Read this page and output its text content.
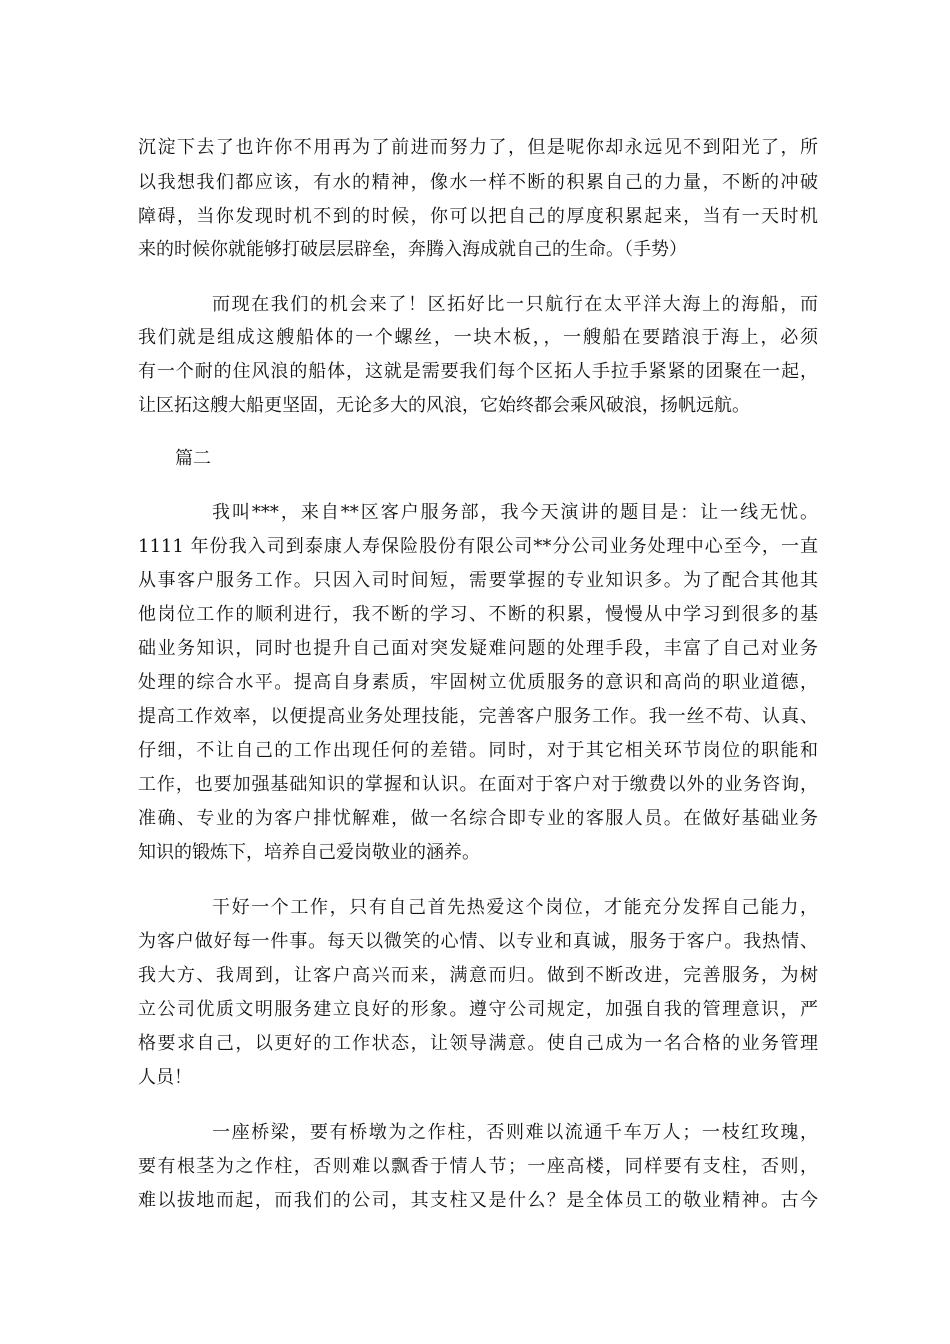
沉淀下去了也许你不用再为了前进而努力了，但是呢你却永远见不到阳光了，所
以我想我们都应该，有水的精神，像水一样不断的积累自己的力量，不断的冲破
障碍，当你发现时机不到的时候，你可以把自己的厚度积累起来，当有一天时机
来的时候你就能够打破层层辟垒，奔腾入海成就自己的生命。（手势）
而现在我们的机会来了！区拓好比一只航行在太平洋大海上的海船，而
我们就是组成这艘船体的一个螺丝，一块木板，，一艘船在要踏浪于海上，必须
有一个耐的住风浪的船体，这就是需要我们每个区拓人手拉手紧紧的团聚在一起，
让区拓这艘大船更坚固，无论多大的风浪，它始终都会乘风破浪，扬帆远航。
篇二
我叫***，来自**区客户服务部，我今天演讲的题目是：让一线无忧。
1111 年份我入司到泰康人寿保险股份有限公司**分公司业务处理中心至今，一直
从事客户服务工作。只因入司时间短，需要掌握的专业知识多。为了配合其他其
他岗位工作的顺利进行，我不断的学习、不断的积累，慢慢从中学习到很多的基
础业务知识，同时也提升自己面对突发疑难问题的处理手段，丰富了自己对业务
处理的综合水平。提高自身素质，牢固树立优质服务的意识和高尚的职业道德，
提高工作效率，以便提高业务处理技能，完善客户服务工作。我一丝不苟、认真、
仔细，不让自己的工作出现任何的差错。同时，对于其它相关环节岗位的职能和
工作，也要加强基础知识的掌握和认识。在面对于客户对于缴费以外的业务咨询，
准确、专业的为客户排忧解难，做一名综合即专业的客服人员。在做好基础业务
知识的锻炼下，培养自己爱岗敬业的涵养。
干好一个工作，只有自己首先热爱这个岗位，才能充分发挥自己能力，
为客户做好每一件事。每天以微笑的心情、以专业和真诚，服务于客户。我热情、
我大方、我周到，让客户高兴而来，满意而归。做到不断改进，完善服务，为树
立公司优质文明服务建立良好的形象。遵守公司规定，加强自我的管理意识，严
格要求自己，以更好的工作状态，让领导满意。使自己成为一名合格的业务管理
人员！
一座桥梁，要有桥墩为之作柱，否则难以流通千车万人；一枝红玫瑰，
要有根茎为之作柱，否则难以飘香于情人节；一座高楼，同样要有支柱，否则，
难以拔地而起，而我们的公司，其支柱又是什么？是全体员工的敬业精神。古今
